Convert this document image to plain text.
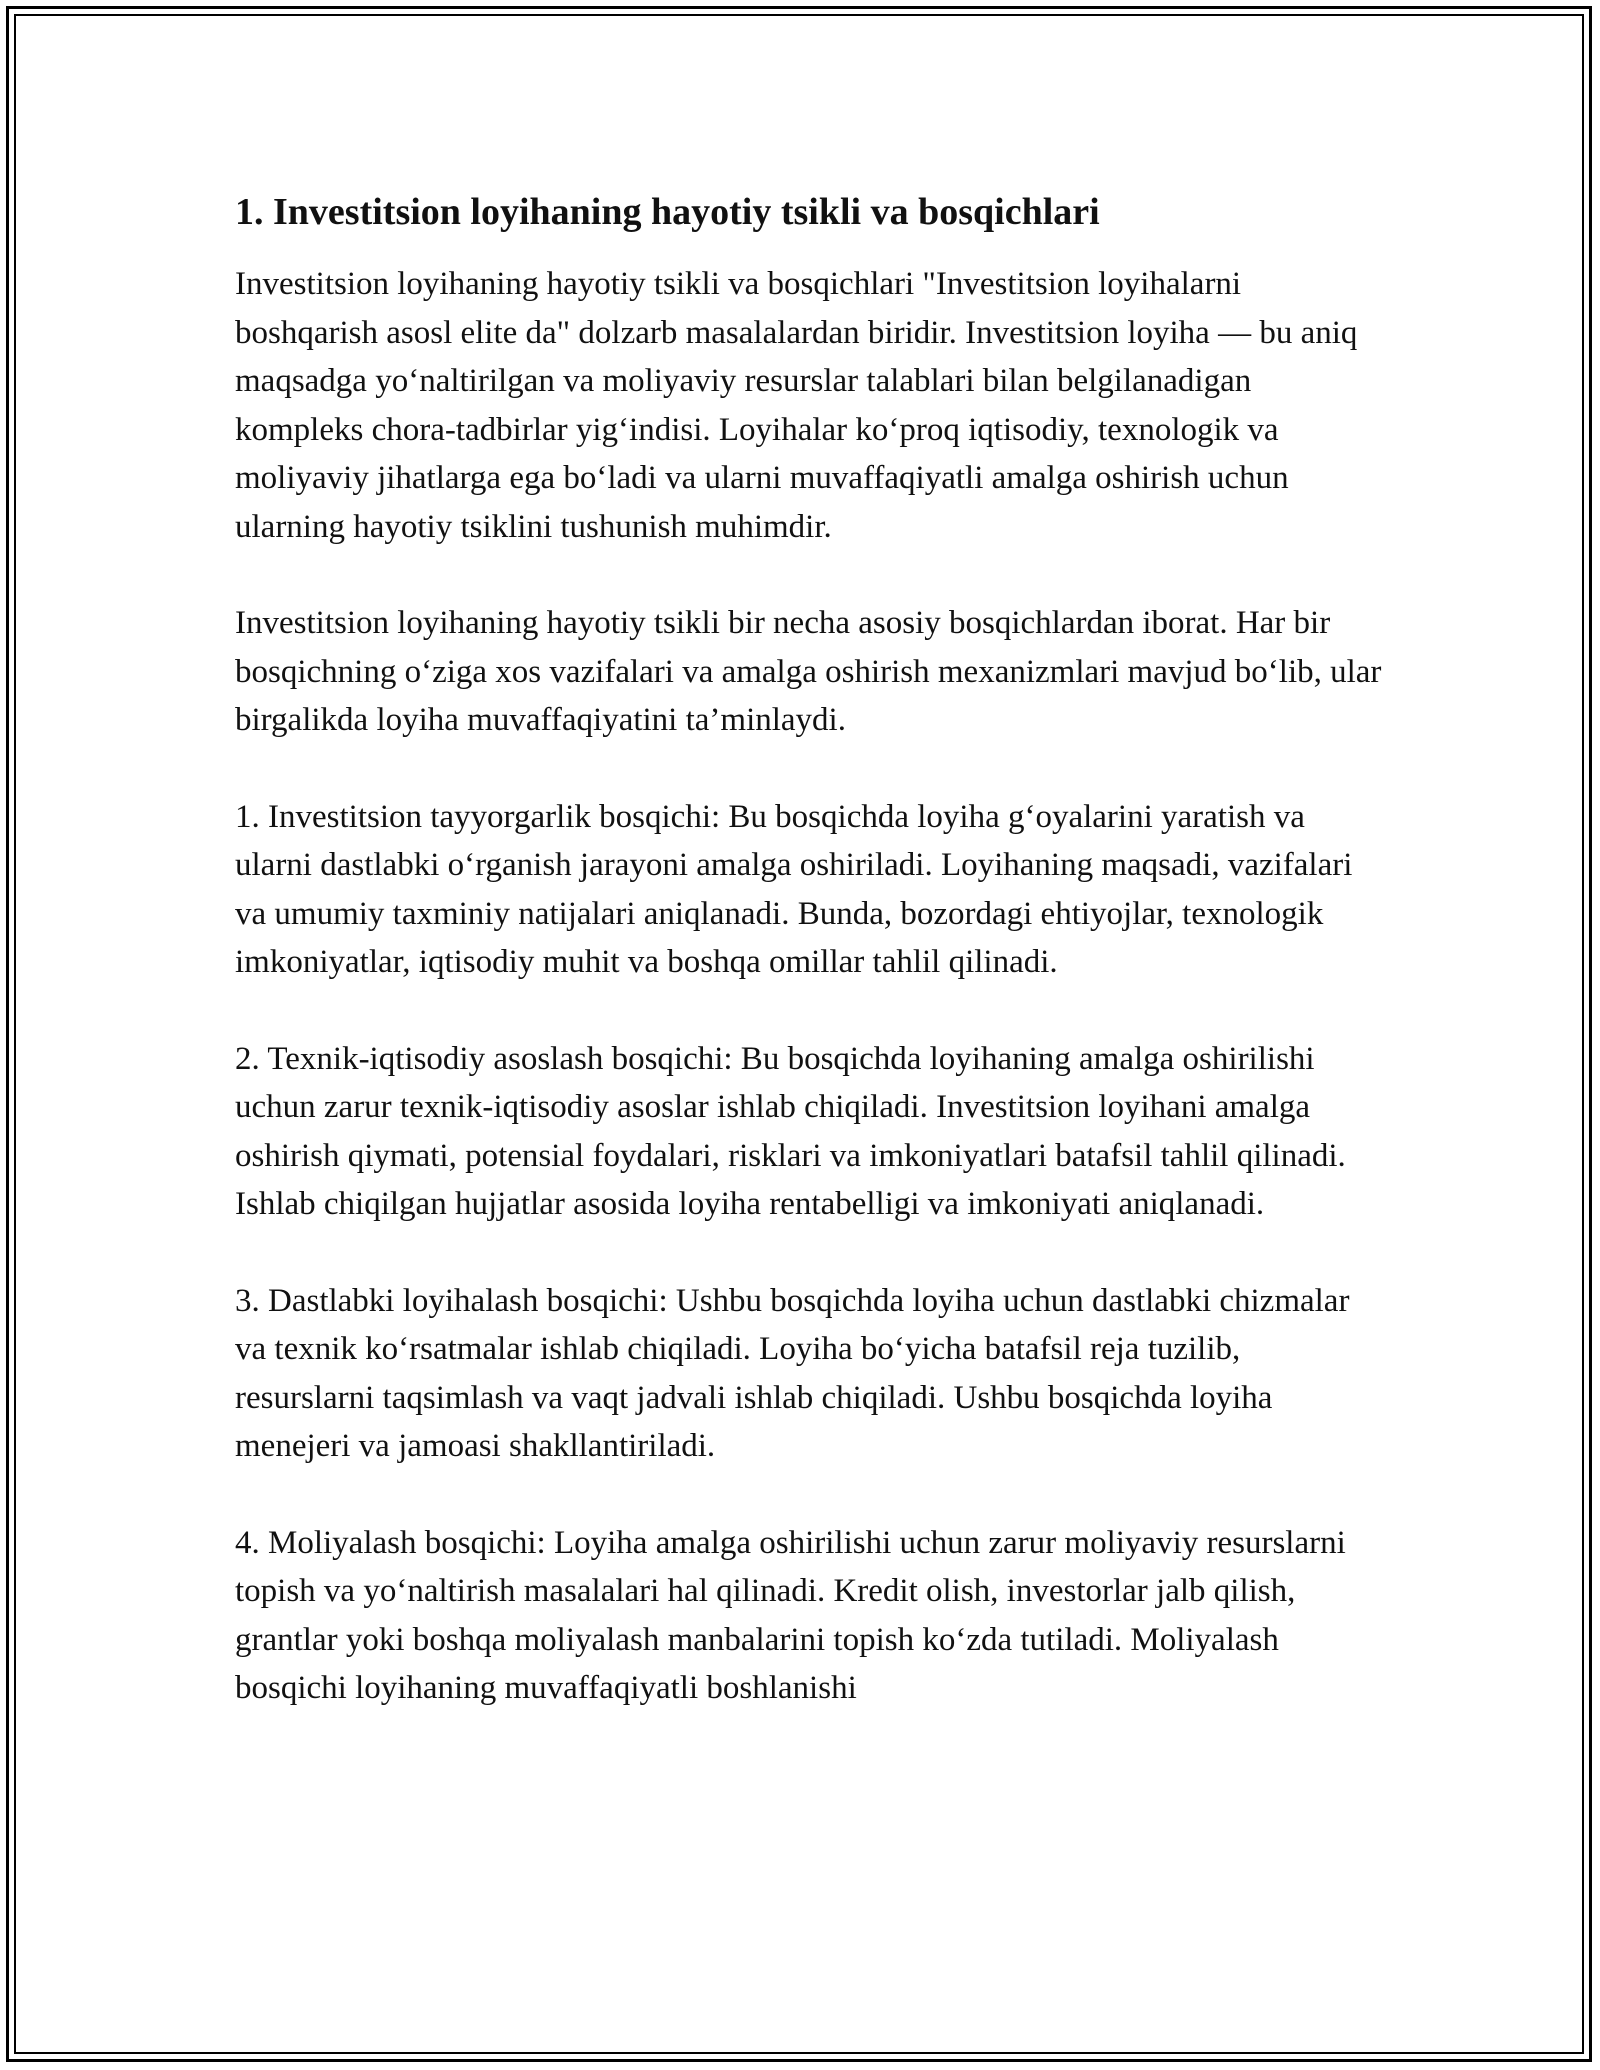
1. Investitsion loyihaning hayotiy tsikli va bosqichlari

Investitsion loyihaning hayotiy tsikli va bosqichlari "Investitsion loyihalarni boshqarish asosl elite da" dolzarb masalalardan biridir. Investitsion loyiha — bu aniq maqsadga yo‘naltirilgan va moliyaviy resurslar talablari bilan belgilanadigan kompleks chora-tadbirlar yig‘indisi. Loyihalar ko‘proq iqtisodiy, texnologik va moliyaviy jihatlarga ega bo‘ladi va ularni muvaffaqiyatli amalga oshirish uchun ularning hayotiy tsiklini tushunish muhimdir.

Investitsion loyihaning hayotiy tsikli bir necha asosiy bosqichlardan iborat. Har bir bosqichning o‘ziga xos vazifalari va amalga oshirish mexanizmlari mavjud bo‘lib, ular birgalikda loyiha muvaffaqiyatini ta’minlaydi.

1. Investitsion tayyorgarlik bosqichi: Bu bosqichda loyiha g‘oyalarini yaratish va ularni dastlabki o‘rganish jarayoni amalga oshiriladi. Loyihaning maqsadi, vazifalari va umumiy taxminiy natijalari aniqlanadi. Bunda, bozordagi ehtiyojlar, texnologik imkoniyatlar, iqtisodiy muhit va boshqa omillar tahlil qilinadi.

2. Texnik-iqtisodiy asoslash bosqichi: Bu bosqichda loyihaning amalga oshirilishi uchun zarur texnik-iqtisodiy asoslar ishlab chiqiladi. Investitsion loyihani amalga oshirish qiymati, potensial foydalari, risklari va imkoniyatlari batafsil tahlil qilinadi. Ishlab chiqilgan hujjatlar asosida loyiha rentabelligi va imkoniyati aniqlanadi.

3. Dastlabki loyihalash bosqichi: Ushbu bosqichda loyiha uchun dastlabki chizmalar va texnik ko‘rsatmalar ishlab chiqiladi. Loyiha bo‘yicha batafsil reja tuzilib, resurslarni taqsimlash va vaqt jadvali ishlab chiqiladi. Ushbu bosqichda loyiha menejeri va jamoasi shakllantiriladi.

4. Moliyalash bosqichi: Loyiha amalga oshirilishi uchun zarur moliyaviy resurslarni topish va yo‘naltirish masalalari hal qilinadi. Kredit olish, investorlar jalb qilish, grantlar yoki boshqa moliyalash manbalarini topish ko‘zda tutiladi. Moliyalash bosqichi loyihaning muvaffaqiyatli boshlanishi
